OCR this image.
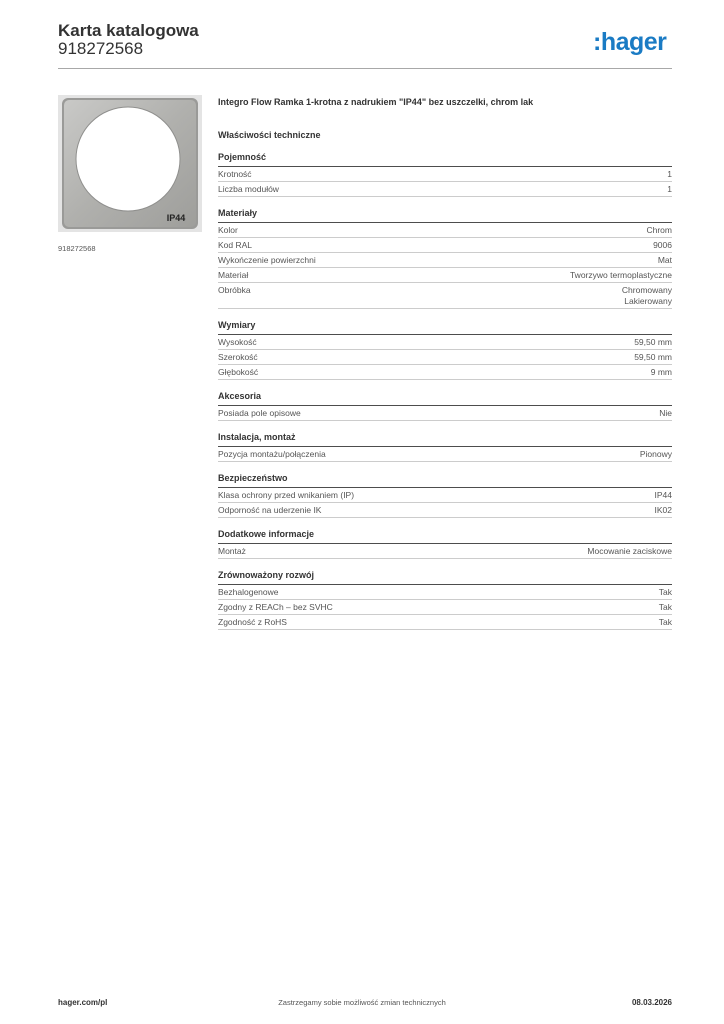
Karta katalogowa
918272568	:hager
IP44
918272568
Integro Flow Ramka 1-krotna z nadrukiem "IP44" bez uszczelki, chrom lak
Właściwości techniczne
Pojemność
Krotność	1
Liczba modułów	1
Materiały
Kolor	Chrom
Kod RAL	9006
Wykończenie powierzchni	Mat
Materiał	Tworzywo termoplastyczne
Obróbka	Chromowany
Lakierowany
Wymiary
Wysokość	59,50 mm
Szerokość	59,50 mm
Głębokość	9 mm
Akcesoria
Posiada pole opisowe	Nie
Instalacja, montaż
Pozycja montażu/połączenia	Pionowy
Bezpieczeństwo
Klasa ochrony przed wnikaniem (IP)	IP44
Odporność na uderzenie IK	IK02
Dodatkowe informacje
Montaż	Mocowanie zaciskowe
Zrównoważony rozwój
Bezhalogenowe	Tak
Zgodny z REACh – bez SVHC	Tak
Zgodność z RoHS	Tak
hager.com/pl	Zastrzegamy sobie możliwość zmian technicznych	08.03.2026
